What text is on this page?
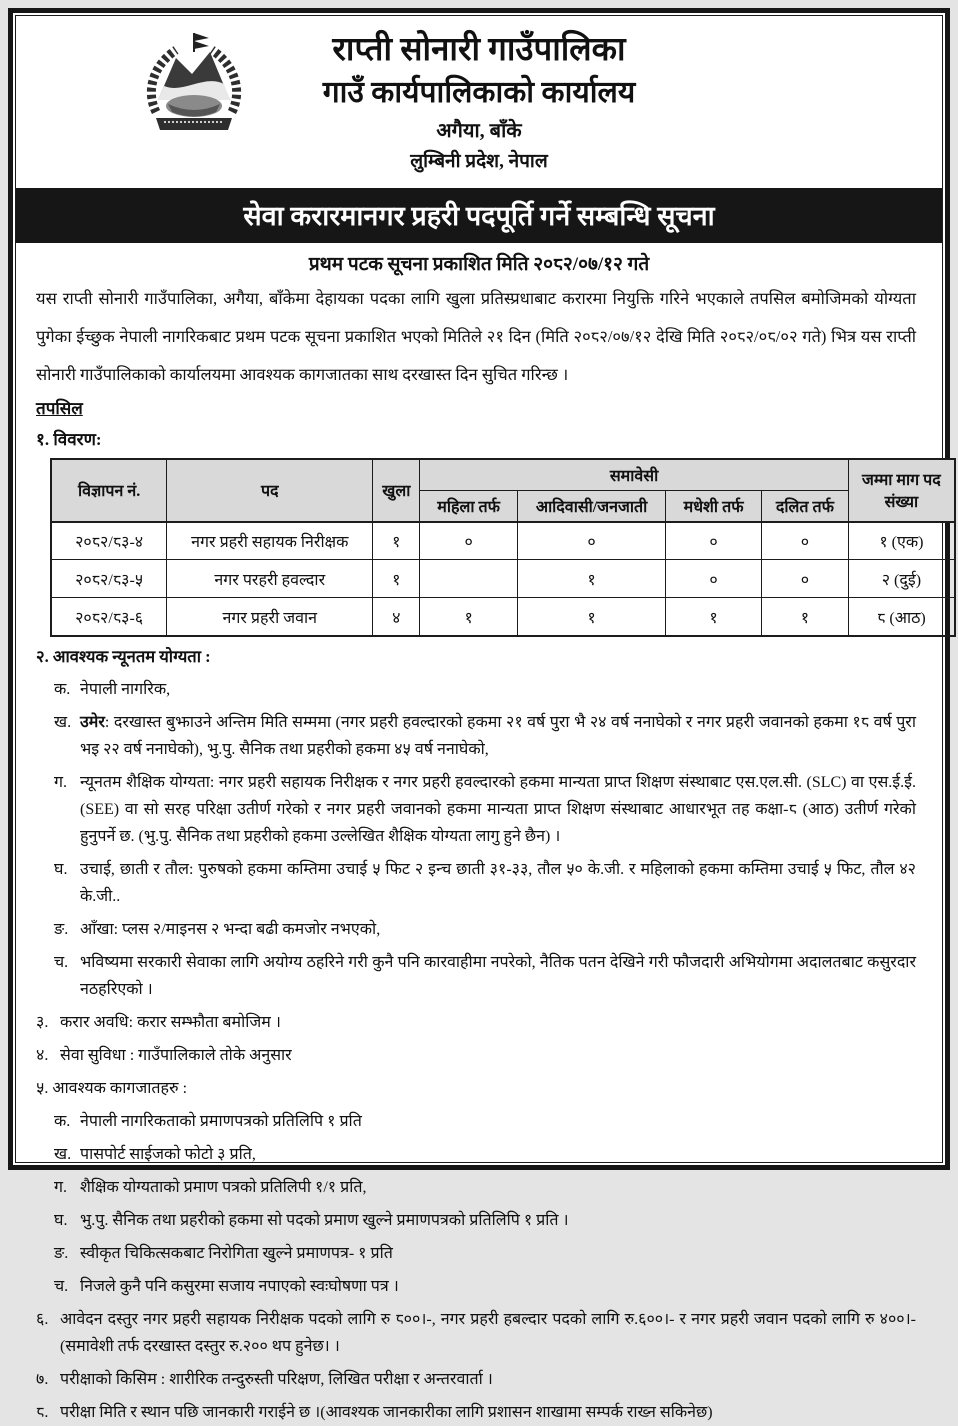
राप्ती सोनारी गाउँपालिका
गाउँ कार्यपालिकाको कार्यालय
अगैया, बाँके
लुम्बिनी प्रदेश, नेपाल
सेवा करारमानगर प्रहरी पदपूर्ति गर्ने सम्बन्धि सूचना
प्रथम पटक सूचना प्रकाशित मिति २०८२/०७/१२ गते

यस राप्ती सोनारी गाउँपालिका, अगैया, बाँकेमा देहायका पदका लागि खुला प्रतिस्प्रधाबाट करारमा नियुक्ति गरिने भएकाले तपसिल बमोजिमको योग्यता पुगेका ईच्छुक नेपाली नागरिकबाट प्रथम पटक सूचना प्रकाशित भएको मितिले २१ दिन (मिति २०८२/०७/१२ देखि मिति २०८२/०८/०२ गते) भित्र यस राप्ती सोनारी गाउँपालिकाको कार्यालयमा आवश्यक कागजातका साथ दरखास्त दिन सुचित गरिन्छ ।

तपसिल
१. विवरण:
विज्ञापन नं.	पद	खुला	समावेसी				जम्मा माग पद
संख्या

			महिला तर्फ	आदिवासी/जनजाती	मधेशी तर्फ	दलित तर्फ	
२०८२/८३-४	नगर प्रहरी सहायक निरीक्षक	१	०	०	०	०	१ (एक)
२०८२/८३-५	नगर परहरी हवल्दार	१		१	०	०	२ (दुई)
२०८२/८३-६	नगर प्रहरी जवान	४	१	१	१	१	८ (आठ)
२. आवश्यक न्यूनतम योग्यता :
क. नेपाली नागरिक,
ख. उमेर: दरखास्त बुझाउने अन्तिम मिति सम्ममा (नगर प्रहरी हवल्दारको हकमा २१ वर्ष पुरा भै २४ वर्ष ननाघेको र नगर प्रहरी जवानको हकमा १८ वर्ष पुरा भइ २२ वर्ष ननाघेको), भु.पु. सैनिक तथा प्रहरीको हकमा ४५ वर्ष ननाघेको,
ग. न्यूनतम शैक्षिक योग्यता: नगर प्रहरी सहायक निरीक्षक र नगर प्रहरी हवल्दारको हकमा मान्यता प्राप्त शिक्षण संस्थाबाट एस.एल.सी. (SLC) वा एस.ई.ई. (SEE) वा सो सरह परिक्षा उतीर्ण गरेको र नगर प्रहरी जवानको हकमा मान्यता प्राप्त शिक्षण संस्थाबाट आधारभूत तह कक्षा-८ (आठ) उतीर्ण गरेको हुनुपर्ने छ. (भु.पु. सैनिक तथा प्रहरीको हकमा उल्लेखित शैक्षिक योग्यता लागु हुने छैन) ।
घ. उचाई, छाती र तौल: पुरुषको हकमा कम्तिमा उचाई ५ फिट २ इन्च छाती ३१-३३, तौल ५० के.जी. र महिलाको हकमा कम्तिमा उचाई ५ फिट, तौल ४२ के.जी..
ङ. आँखा: प्लस २/माइनस २ भन्दा बढी कमजोर नभएको,
च. भविष्यमा सरकारी सेवाका लागि अयोग्य ठहरिने गरी कुनै पनि कारवाहीमा नपरेको, नैतिक पतन देखिने गरी फौजदारी अभियोगमा अदालतबाट कसुरदार नठहरिएको ।
३. करार अवधि: करार सम्झौता बमोजिम ।
४. सेवा सुविधा : गाउँपालिकाले तोके अनुसार
५. आवश्यक कागजातहरु :
क. नेपाली नागरिकताको प्रमाणपत्रको प्रतिलिपि १ प्रति
ख. पासपोर्ट साईजको फोटो ३ प्रति,
ग. शैक्षिक योग्यताको प्रमाण पत्रको प्रतिलिपी १/१ प्रति,
घ. भु.पु. सैनिक तथा प्रहरीको हकमा सो पदको प्रमाण खुल्ने प्रमाणपत्रको प्रतिलिपि १ प्रति ।
ङ. स्वीकृत चिकित्सकबाट निरोगिता खुल्ने प्रमाणपत्र- १ प्रति
च. निजले कुनै पनि कसुरमा सजाय नपाएको स्वःघोषणा पत्र ।
६. आवेदन दस्तुर नगर प्रहरी सहायक निरीक्षक पदको लागि रु ८००।-, नगर प्रहरी हबल्दार पदको लागि रु.६००।- र नगर प्रहरी जवान पदको लागि रु ४००।- (समावेशी तर्फ दरखास्त दस्तुर रु.२०० थप हुनेछ। ।
७. परीक्षाको किसिम : शारीरिक तन्दुरुस्ती परिक्षण, लिखित परीक्षा र अन्तरवार्ता ।
८. परीक्षा मिति र स्थान पछि जानकारी गराईने छ ।(आवश्यक जानकारीका लागि प्रशासन शाखामा सम्पर्क राख्न सकिनेछ)
